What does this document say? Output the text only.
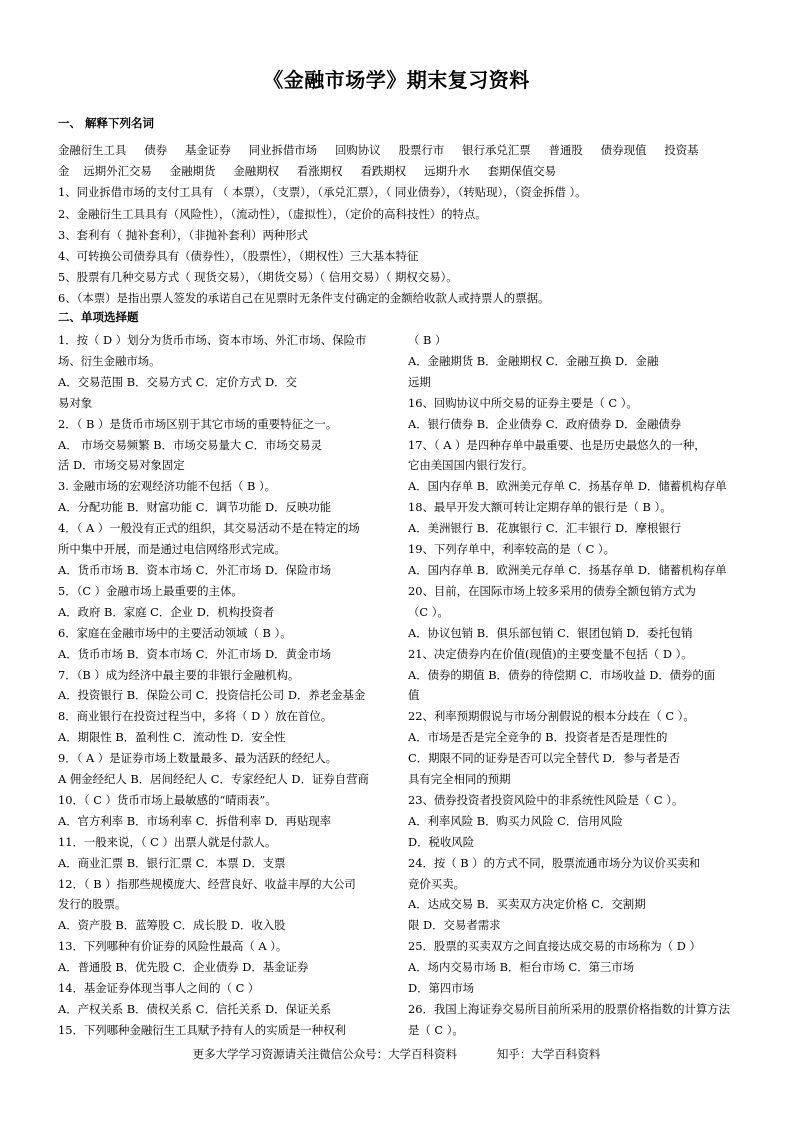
《金融市场学》期末复习资料
一、 解释下列名词

金融衍生工具 债券 基金证券 同业拆借市场 回购协议 股票行市 银行承兑汇票 普通股 债券现值 投资基

金 远期外汇交易 金融期货 金融期权 看涨期权 看跌期权 远期升水 套期保值交易

1、同业拆借市场的支付工具有 （ 本票），（支票），（承兑汇票），（ 同业债券），（转贴现），（资金拆借 ）。

2、金融衍生工具具有（风险性），（流动性），（虚拟性），（定价的高科技性）的特点。

3、套利有（ 抛补套利），（非抛补套利）两种形式

4、可转换公司债券具有（债券性），（股票性），（期权性）三大基本特征

5、股票有几种交易方式（ 现货交易），（期货交易）（ 信用交易）（ 期权交易）。

6、（本票）是指出票人签发的承诺自己在见票时无条件支付确定的金额给收款人或持票人的票据。

二、单项选择题

1．按（ D ）划分为货币市场、资本市场、外汇市场、保险市

场、衍生金融市场。

A．交易范围 B．交易方式 C．定价方式 D．交

易对象

2．（ B ）是货币市场区别于其它市场的重要特征之一。

A． 市场交易频繁 B．市场交易量大 C．市场交易灵

活 D．市场交易对象固定

3. 金融市场的宏观经济功能不包括（ B ）。

A．分配功能 B．财富功能 C．调节功能 D．反映功能

4．（ A ）一般没有正式的组织，其交易活动不是在特定的场

所中集中开展，而是通过电信网络形式完成。

A．货币市场 B．资本市场 C．外汇市场 D．保险市场

5．（C ）金融市场上最重要的主体。

A．政府 B．家庭 C．企业 D．机构投资者

6．家庭在金融市场中的主要活动领域（ B ）。

A．货币市场 B．资本市场 C．外汇市场 D．黄金市场

7．（B ）成为经济中最主要的非银行金融机构。

A．投资银行 B．保险公司 C．投资信托公司 D．养老金基金

8．商业银行在投资过程当中，多将（ D ）放在首位。

A．期限性 B．盈利性 C．流动性 D．安全性

9．（ A ）是证券市场上数量最多、最为活跃的经纪人。

A 佣金经纪人 B．居间经纪人 C．专家经纪人 D．证券自营商

10．（ C ）货币市场上最敏感的“晴雨表”。

A．官方利率 B．市场利率 C．拆借利率 D．再贴现率

11．一般来说，（ C ）出票人就是付款人。

A．商业汇票 B．银行汇票 C．本票 D．支票

12．（ B ）指那些规模庞大、经营良好、收益丰厚的大公司

发行的股票。

A．资产股 B．蓝筹股 C．成长股 D．收入股

13．下列哪种有价证券的风险性最高（ A ）。

A．普通股 B．优先股 C．企业债券 D．基金证券

14．基金证券体现当事人之间的（ C ）

A．产权关系 B．债权关系 C．信托关系 D．保证关系

15．下列哪种金融衍生工具赋予持有人的实质是一种权利

（ B ）

A．金融期货 B．金融期权 C．金融互换 D．金融

远期

16、回购协议中所交易的证券主要是（ C ）。

A．银行债券 B．企业债券 C．政府债券 D．金融债券

17、（ A ）是四种存单中最重要、也是历史最悠久的一种，

它由美国国内银行发行。

A．国内存单 B．欧洲美元存单 C．扬基存单 D．储蓄机构存单

18、最早开发大额可转让定期存单的银行是（ B ）。

A．美洲银行 B．花旗银行 C．汇丰银行 D．摩根银行

19、下列存单中，利率较高的是（ C ）。

A．国内存单 B．欧洲美元存单 C．扬基存单 D．储蓄机构存单

20、目前，在国际市场上较多采用的债券全额包销方式为

（C ）。

A．协议包销 B．俱乐部包销 C．银团包销 D．委托包销

21、决定债券内在价值(现值)的主要变量不包括（ D ）。

A．债券的期值 B．债券的待偿期 C．市场收益 D．债券的面

值

22、利率预期假说与市场分割假说的根本分歧在（ C ）。

A．市场是否是完全竞争的 B．投资者是否是理性的

C．期限不同的证券是否可以完全替代 D．参与者是否

具有完全相同的预期

23、债券投资者投资风险中的非系统性风险是（ C ）。

A．利率风险 B．购买力风险 C．信用风险

D．税收风险

24．按（ B ）的方式不同，股票流通市场分为议价买卖和

竞价买卖。

A．达成交易 B．买卖双方决定价格 C．交割期

限 D．交易者需求

25．股票的买卖双方之间直接达成交易的市场称为（ D ）

A．场内交易市场 B．柜台市场 C．第三市场

D．第四市场

26．我国上海证券交易所目前所采用的股票价格指数的计算方法

是（ C ）。

更多大学学习资源请关注微信公众号：大学百科资料	知乎：大学百科资料
